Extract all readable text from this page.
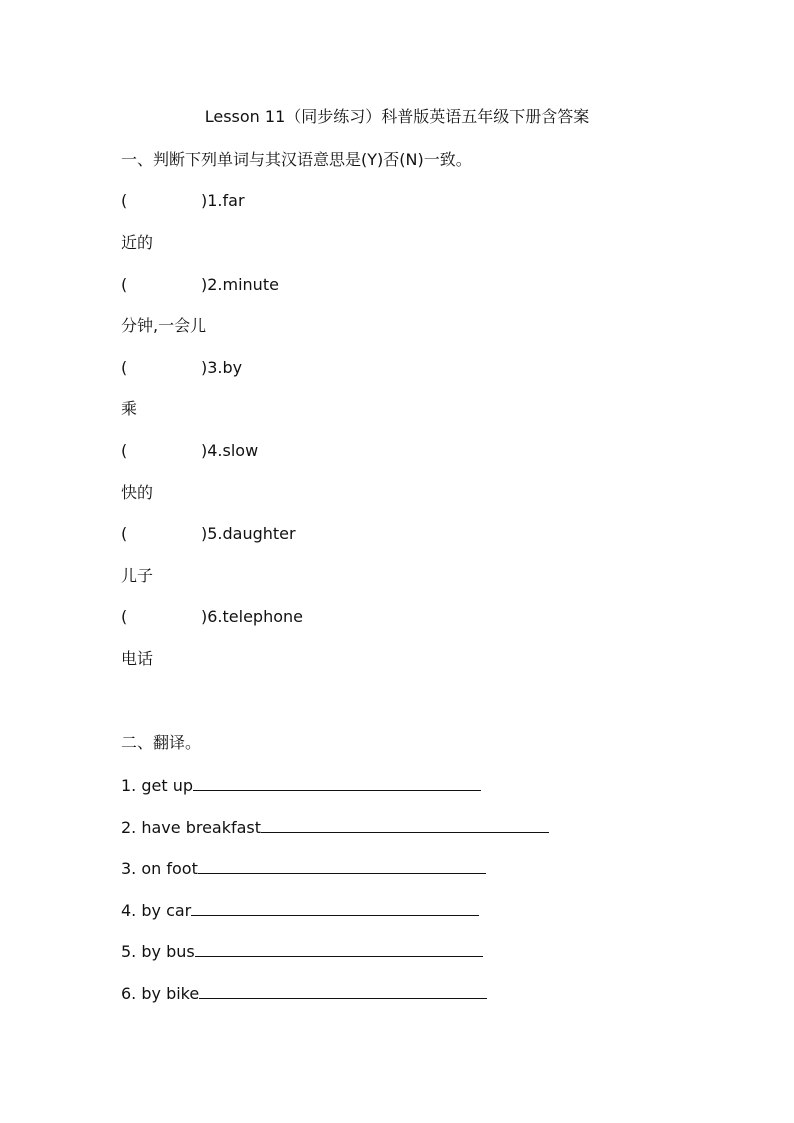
Lesson 11（同步练习）科普版英语五年级下册含答案
一、判断下列单词与其汉语意思是(Y)否(N)一致。
(	)1.far
近的
(	)2.minute
分钟,一会儿
(	)3.by
乘
(	)4.slow
快的
(	)5.daughter
儿子
(	)6.telephone
电话
二、翻译。
1. get up
2. have breakfast
3. on foot
4. by car
5. by bus
6. by bike
